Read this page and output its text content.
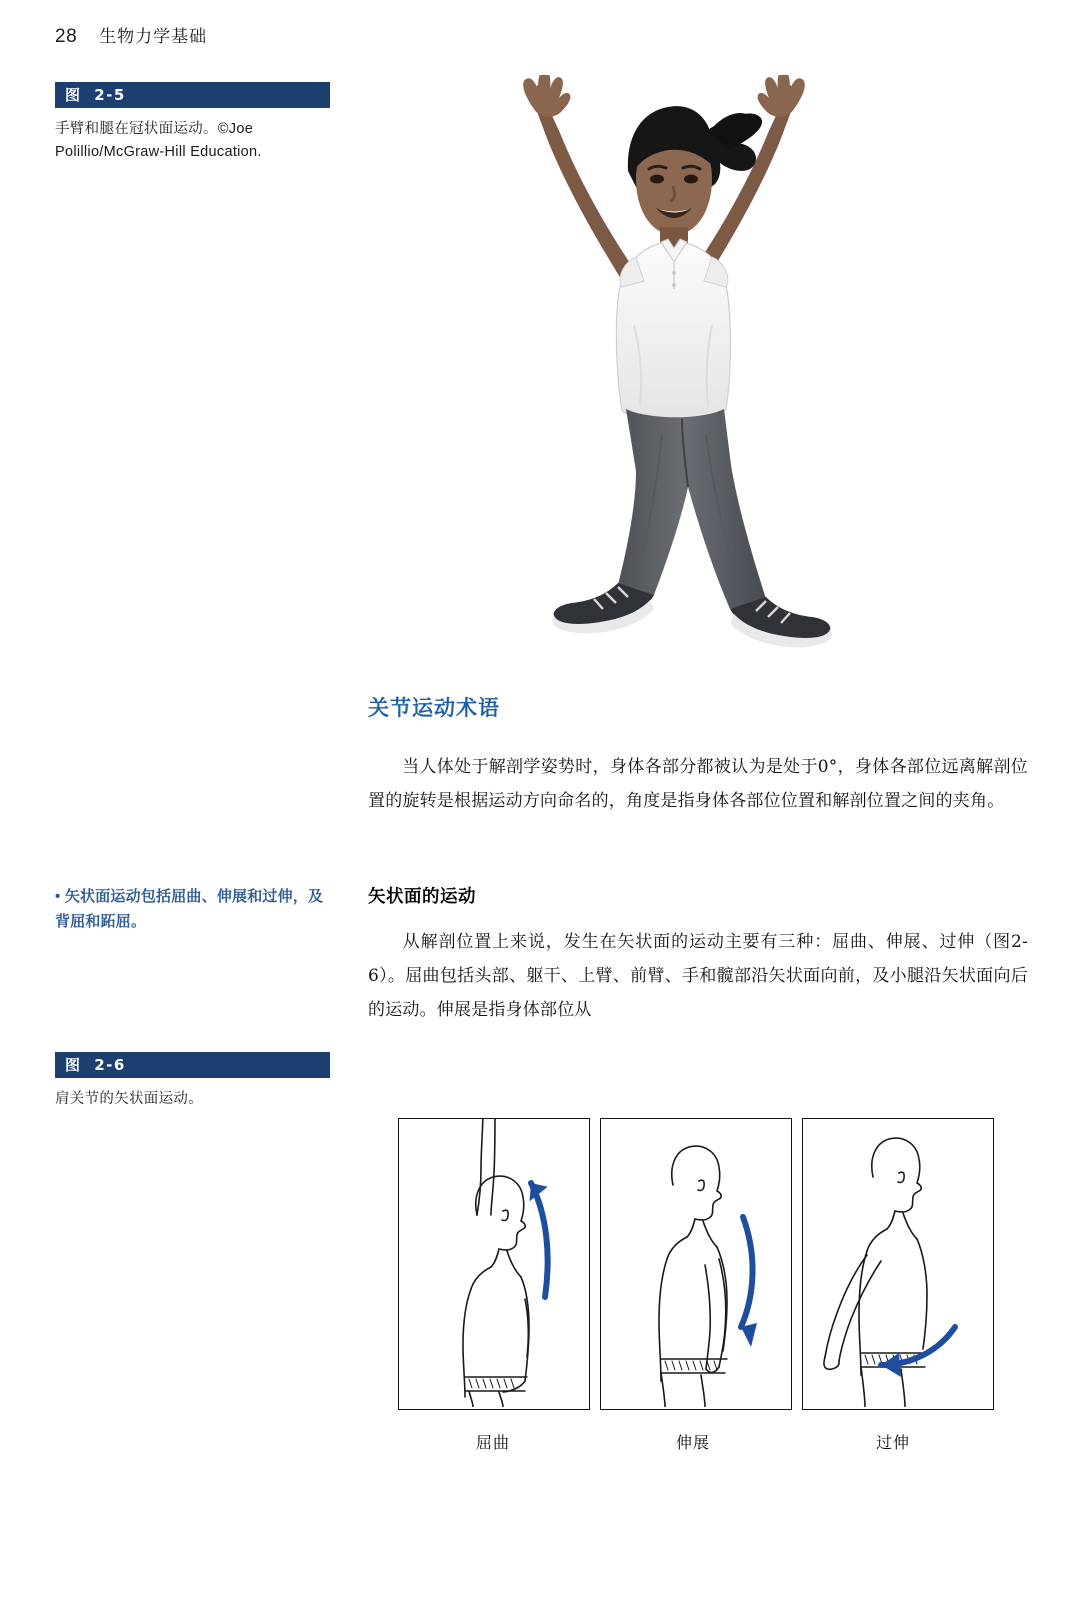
28 生物力学基础
图 2-5
手臂和腿在冠状面运动。©Joe Polillio/McGraw-Hill Education.
关节运动术语
当人体处于解剖学姿势时，身体各部分都被认为是处于0°，身体各部位远离解剖位置的旋转是根据运动方向命名的，角度是指身体各部位位置和解剖位置之间的夹角。
• 矢状面运动包括屈曲、伸展和过伸，及背屈和跖屈。
矢状面的运动
从解剖位置上来说，发生在矢状面的运动主要有三种：屈曲、伸展、过伸（图2-6）。屈曲包括头部、躯干、上臂、前臂、手和髋部沿矢状面向前，及小腿沿矢状面向后的运动。伸展是指身体部位从
图 2-6
肩关节的矢状面运动。
屈曲	伸展	过伸
